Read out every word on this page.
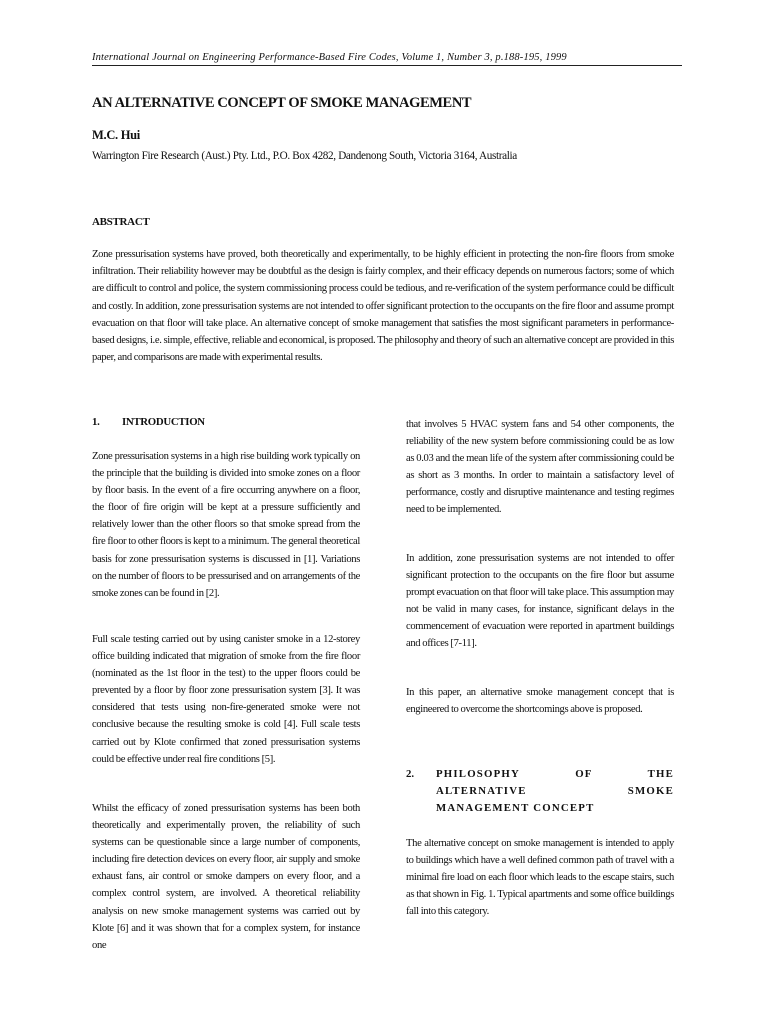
International Journal on Engineering Performance-Based Fire Codes, Volume 1, Number 3, p.188-195, 1999
AN ALTERNATIVE CONCEPT OF SMOKE MANAGEMENT
M.C. Hui
Warrington Fire Research (Aust.) Pty. Ltd., P.O. Box 4282, Dandenong South, Victoria 3164, Australia
ABSTRACT

Zone pressurisation systems have proved, both theoretically and experimentally, to be highly efficient in protecting the non-fire floors from smoke infiltration. Their reliability however may be doubtful as the design is fairly complex, and their efficacy depends on numerous factors; some of which are difficult to control and police, the system commissioning process could be tedious, and re-verification of the system performance could be difficult and costly. In addition, zone pressurisation systems are not intended to offer significant protection to the occupants on the fire floor and assume prompt evacuation on that floor will take place. An alternative concept of smoke management that satisfies the most significant parameters in performance-based designs, i.e. simple, effective, reliable and economical, is proposed. The philosophy and theory of such an alternative concept are provided in this paper, and comparisons are made with experimental results.

1. INTRODUCTION

Zone pressurisation systems in a high rise building work typically on the principle that the building is divided into smoke zones on a floor by floor basis. In the event of a fire occurring anywhere on a floor, the floor of fire origin will be kept at a pressure sufficiently and relatively lower than the other floors so that smoke spread from the fire floor to other floors is kept to a minimum. The general theoretical basis for zone pressurisation systems is discussed in [1]. Variations on the number of floors to be pressurised and on arrangements of the smoke zones can be found in [2].

Full scale testing carried out by using canister smoke in a 12-storey office building indicated that migration of smoke from the fire floor (nominated as the 1st floor in the test) to the upper floors could be prevented by a floor by floor zone pressurisation system [3]. It was considered that tests using non-fire-generated smoke were not conclusive because the resulting smoke is cold [4]. Full scale tests carried out by Klote confirmed that zoned pressurisation systems could be effective under real fire conditions [5].

Whilst the efficacy of zoned pressurisation systems has been both theoretically and experimentally proven, the reliability of such systems can be questionable since a large number of components, including fire detection devices on every floor, air supply and smoke exhaust fans, air control or smoke dampers on every floor, and a complex control system, are involved. A theoretical reliability analysis on new smoke management systems was carried out by Klote [6] and it was shown that for a complex system, for instance one

that involves 5 HVAC system fans and 54 other components, the reliability of the new system before commissioning could be as low as 0.03 and the mean life of the system after commissioning could be as short as 3 months. In order to maintain a satisfactory level of performance, costly and disruptive maintenance and testing regimes need to be implemented.

In addition, zone pressurisation systems are not intended to offer significant protection to the occupants on the fire floor but assume prompt evacuation on that floor will take place. This assumption may not be valid in many cases, for instance, significant delays in the commencement of evacuation were reported in apartment buildings and offices [7-11].

In this paper, an alternative smoke management concept that is engineered to overcome the shortcomings above is proposed.

2.	PHILOSOPHY OF THE
ALTERNATIVE SMOKE
MANAGEMENT CONCEPT

The alternative concept on smoke management is intended to apply to buildings which have a well defined common path of travel with a minimal fire load on each floor which leads to the escape stairs, such as that shown in Fig. 1. Typical apartments and some office buildings fall into this category.
